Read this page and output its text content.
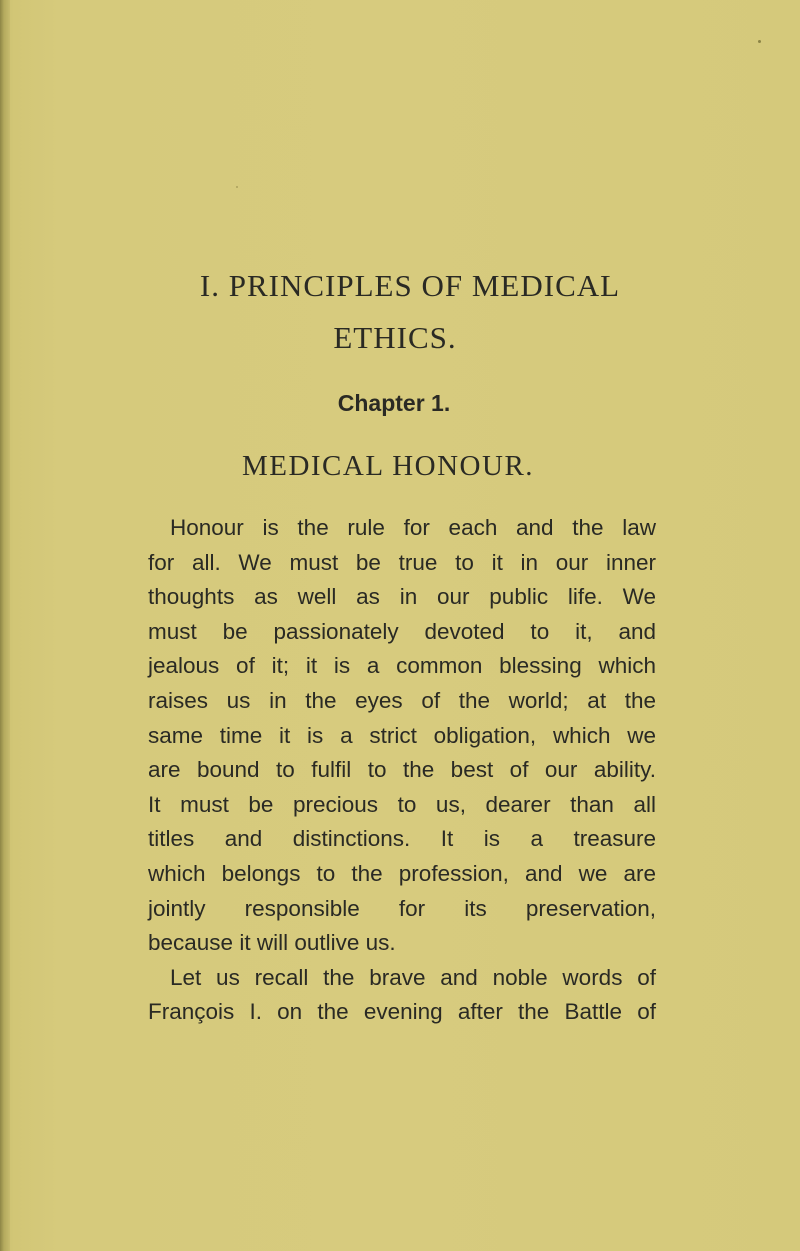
I. PRINCIPLES OF MEDICAL
ETHICS.
Chapter 1.
MEDICAL HONOUR.

Honour is the rule for each and the law
for all. We must be true to it in our inner
thoughts as well as in our public life. We
must be passionately devoted to it, and
jealous of it; it is a common blessing which
raises us in the eyes of the world; at the
same time it is a strict obligation, which we
are bound to fulfil to the best of our ability.
It must be precious to us, dearer than all
titles and distinctions. It is a treasure
which belongs to the profession, and we are
jointly responsible for its preservation,
because it will outlive us.

Let us recall the brave and noble words of
François I. on the evening after the Battle of
